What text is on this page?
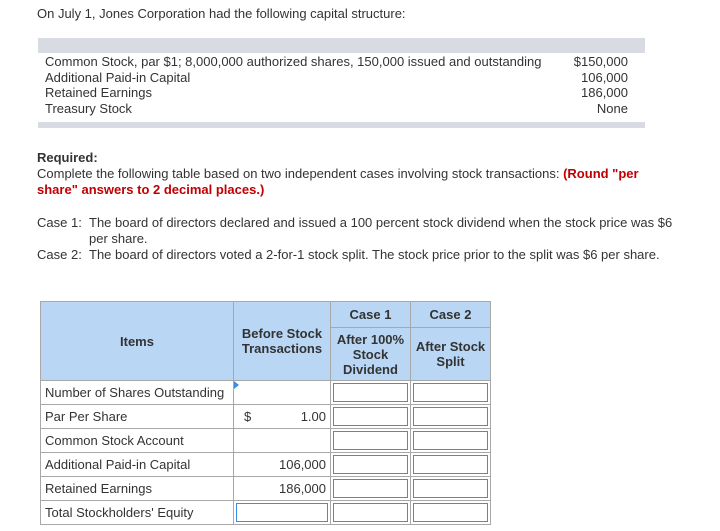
On July 1, Jones Corporation had the following capital structure:
Common Stock, par $1; 8,000,000 authorized shares, 150,000 issued and outstanding $150,000
Additional Paid-in Capital	106,000
Retained Earnings	186,000
Treasury Stock	None
Required:
Complete the following table based on two independent cases involving stock transactions: (Round "per share" answers to 2 decimal places.)
Case 1: The board of directors declared and issued a 100 percent stock dividend when the stock price was $6 per share.
Case 2: The board of directors voted a 2-for-1 stock split. The stock price prior to the split was $6 per share.
Items	Before Stock Transactions	Case 1	Case 2
		After 100% Stock Dividend	After Stock Split
Number of Shares Outstanding	

Par Per Share	$ 1.00		

Common Stock Account	

Additional Paid-in Capital	106,000		

Retained Earnings	186,000		

Total Stockholders' Equity	
